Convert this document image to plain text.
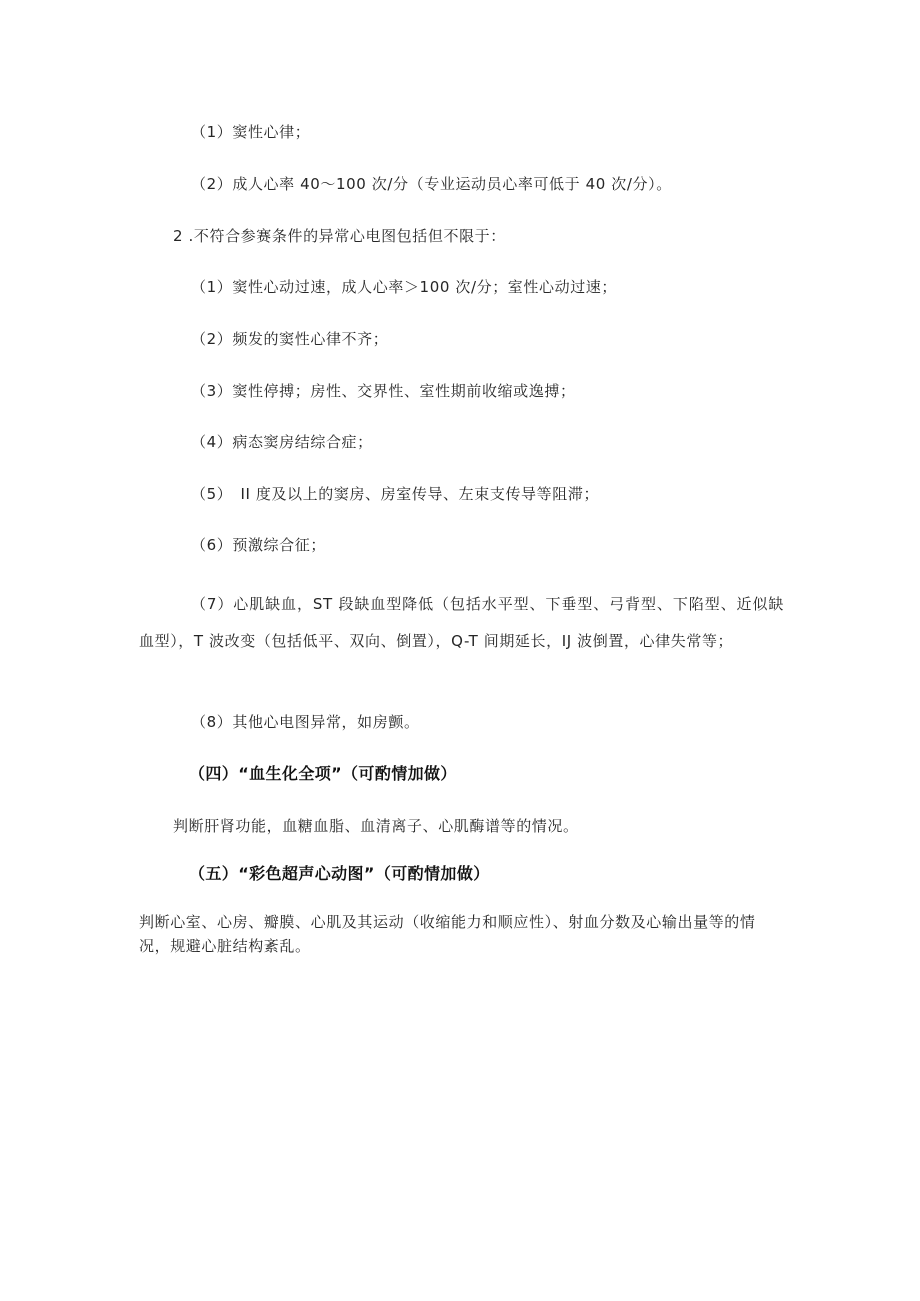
（1）窦性心律；
（2）成人心率 40～100 次/分（专业运动员心率可低于 40 次/分）。
2 .不符合参赛条件的异常心电图包括但不限于：
（1）窦性心动过速，成人心率＞100 次/分；室性心动过速；
（2）频发的窦性心律不齐；
（3）窦性停搏；房性、交界性、室性期前收缩或逸搏；
（4）病态窦房结综合症；
（5）　II 度及以上的窦房、房室传导、左束支传导等阻滞；
（6）预激综合征；
（7）心肌缺血，ST 段缺血型降低（包括水平型、下垂型、弓背型、下陷型、近似缺血型），T 波改变（包括低平、双向、倒置），Q-T 间期延长，IJ 波倒置，心律失常等；
（8）其他心电图异常，如房颤。
（四）“血生化全项”（可酌情加做）
判断肝肾功能，血糖血脂、血清离子、心肌酶谱等的情况。
（五）“彩色超声心动图”（可酌情加做）
判断心室、心房、瓣膜、心肌及其运动（收缩能力和顺应性）、射血分数及心输出量等的情况，规避心脏结构紊乱。
